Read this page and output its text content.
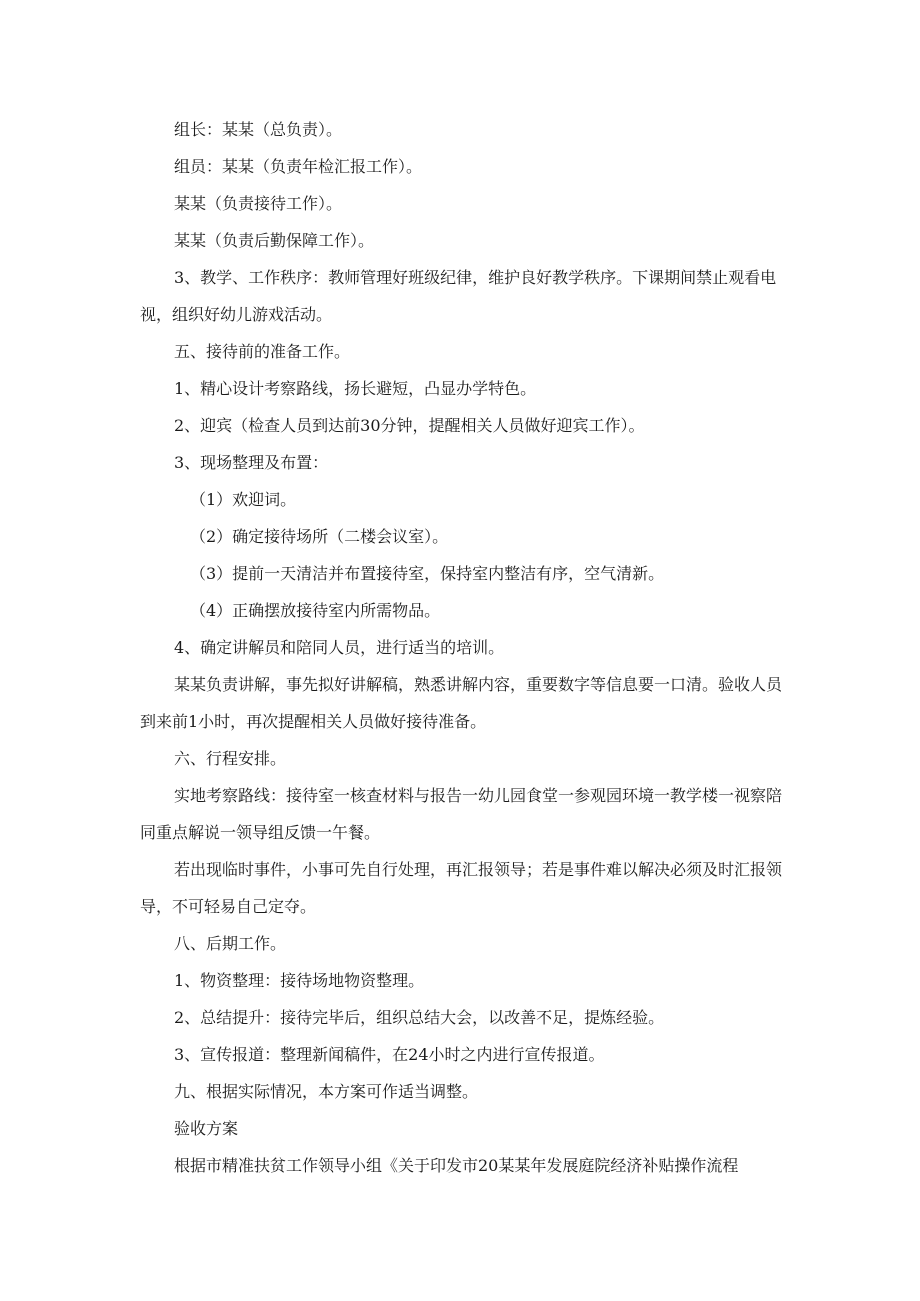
组长：某某（总负责）。

组员：某某（负责年检汇报工作）。

某某（负责接待工作）。

某某（负责后勤保障工作）。

3、教学、工作秩序：教师管理好班级纪律，维护良好教学秩序。下课期间禁止观看电视，组织好幼儿游戏活动。

五、接待前的准备工作。

1、精心设计考察路线，扬长避短，凸显办学特色。

2、迎宾（检查人员到达前30分钟，提醒相关人员做好迎宾工作）。

3、现场整理及布置：

（1）欢迎词。

（2）确定接待场所（二楼会议室）。

（3）提前一天清洁并布置接待室，保持室内整洁有序，空气清新。

（4）正确摆放接待室内所需物品。

4、确定讲解员和陪同人员，进行适当的培训。

某某负责讲解，事先拟好讲解稿，熟悉讲解内容，重要数字等信息要一口清。验收人员到来前1小时，再次提醒相关人员做好接待准备。

六、行程安排。

实地考察路线：接待室一核查材料与报告一幼儿园食堂一参观园环境一教学楼一视察陪同重点解说一领导组反馈一午餐。

若出现临时事件，小事可先自行处理，再汇报领导；若是事件难以解决必须及时汇报领导，不可轻易自己定夺。

八、后期工作。

1、物资整理：接待场地物资整理。

2、总结提升：接待完毕后，组织总结大会，以改善不足，提炼经验。

3、宣传报道：整理新闻稿件，在24小时之内进行宣传报道。

九、根据实际情况，本方案可作适当调整。

验收方案

根据市精准扶贫工作领导小组《关于印发市20某某年发展庭院经济补贴操作流程
